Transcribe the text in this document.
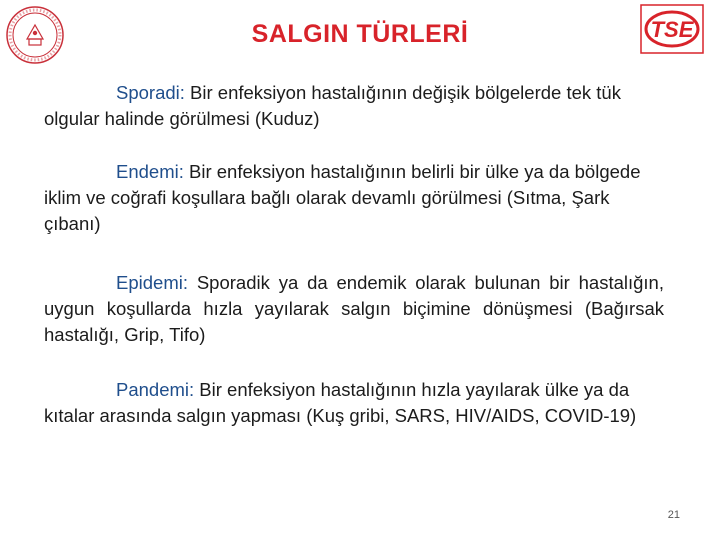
TSE
SALGIN TÜRLERİ
Sporadi: Bir enfeksiyon hastalığının değişik bölgelerde tek tük olgular halinde görülmesi (Kuduz)
Endemi: Bir enfeksiyon hastalığının belirli bir ülke ya da bölgede iklim ve coğrafi koşullara bağlı olarak devamlı görülmesi (Sıtma, Şark çıbanı)
Epidemi: Sporadik ya da endemik olarak bulunan bir hastalığın, uygun koşullarda hızla yayılarak salgın biçimine dönüşmesi (Bağırsak hastalığı, Grip, Tifo)
Pandemi: Bir enfeksiyon hastalığının hızla yayılarak ülke ya da kıtalar arasında salgın yapması (Kuş gribi, SARS, HIV/AIDS, COVID-19)
21
